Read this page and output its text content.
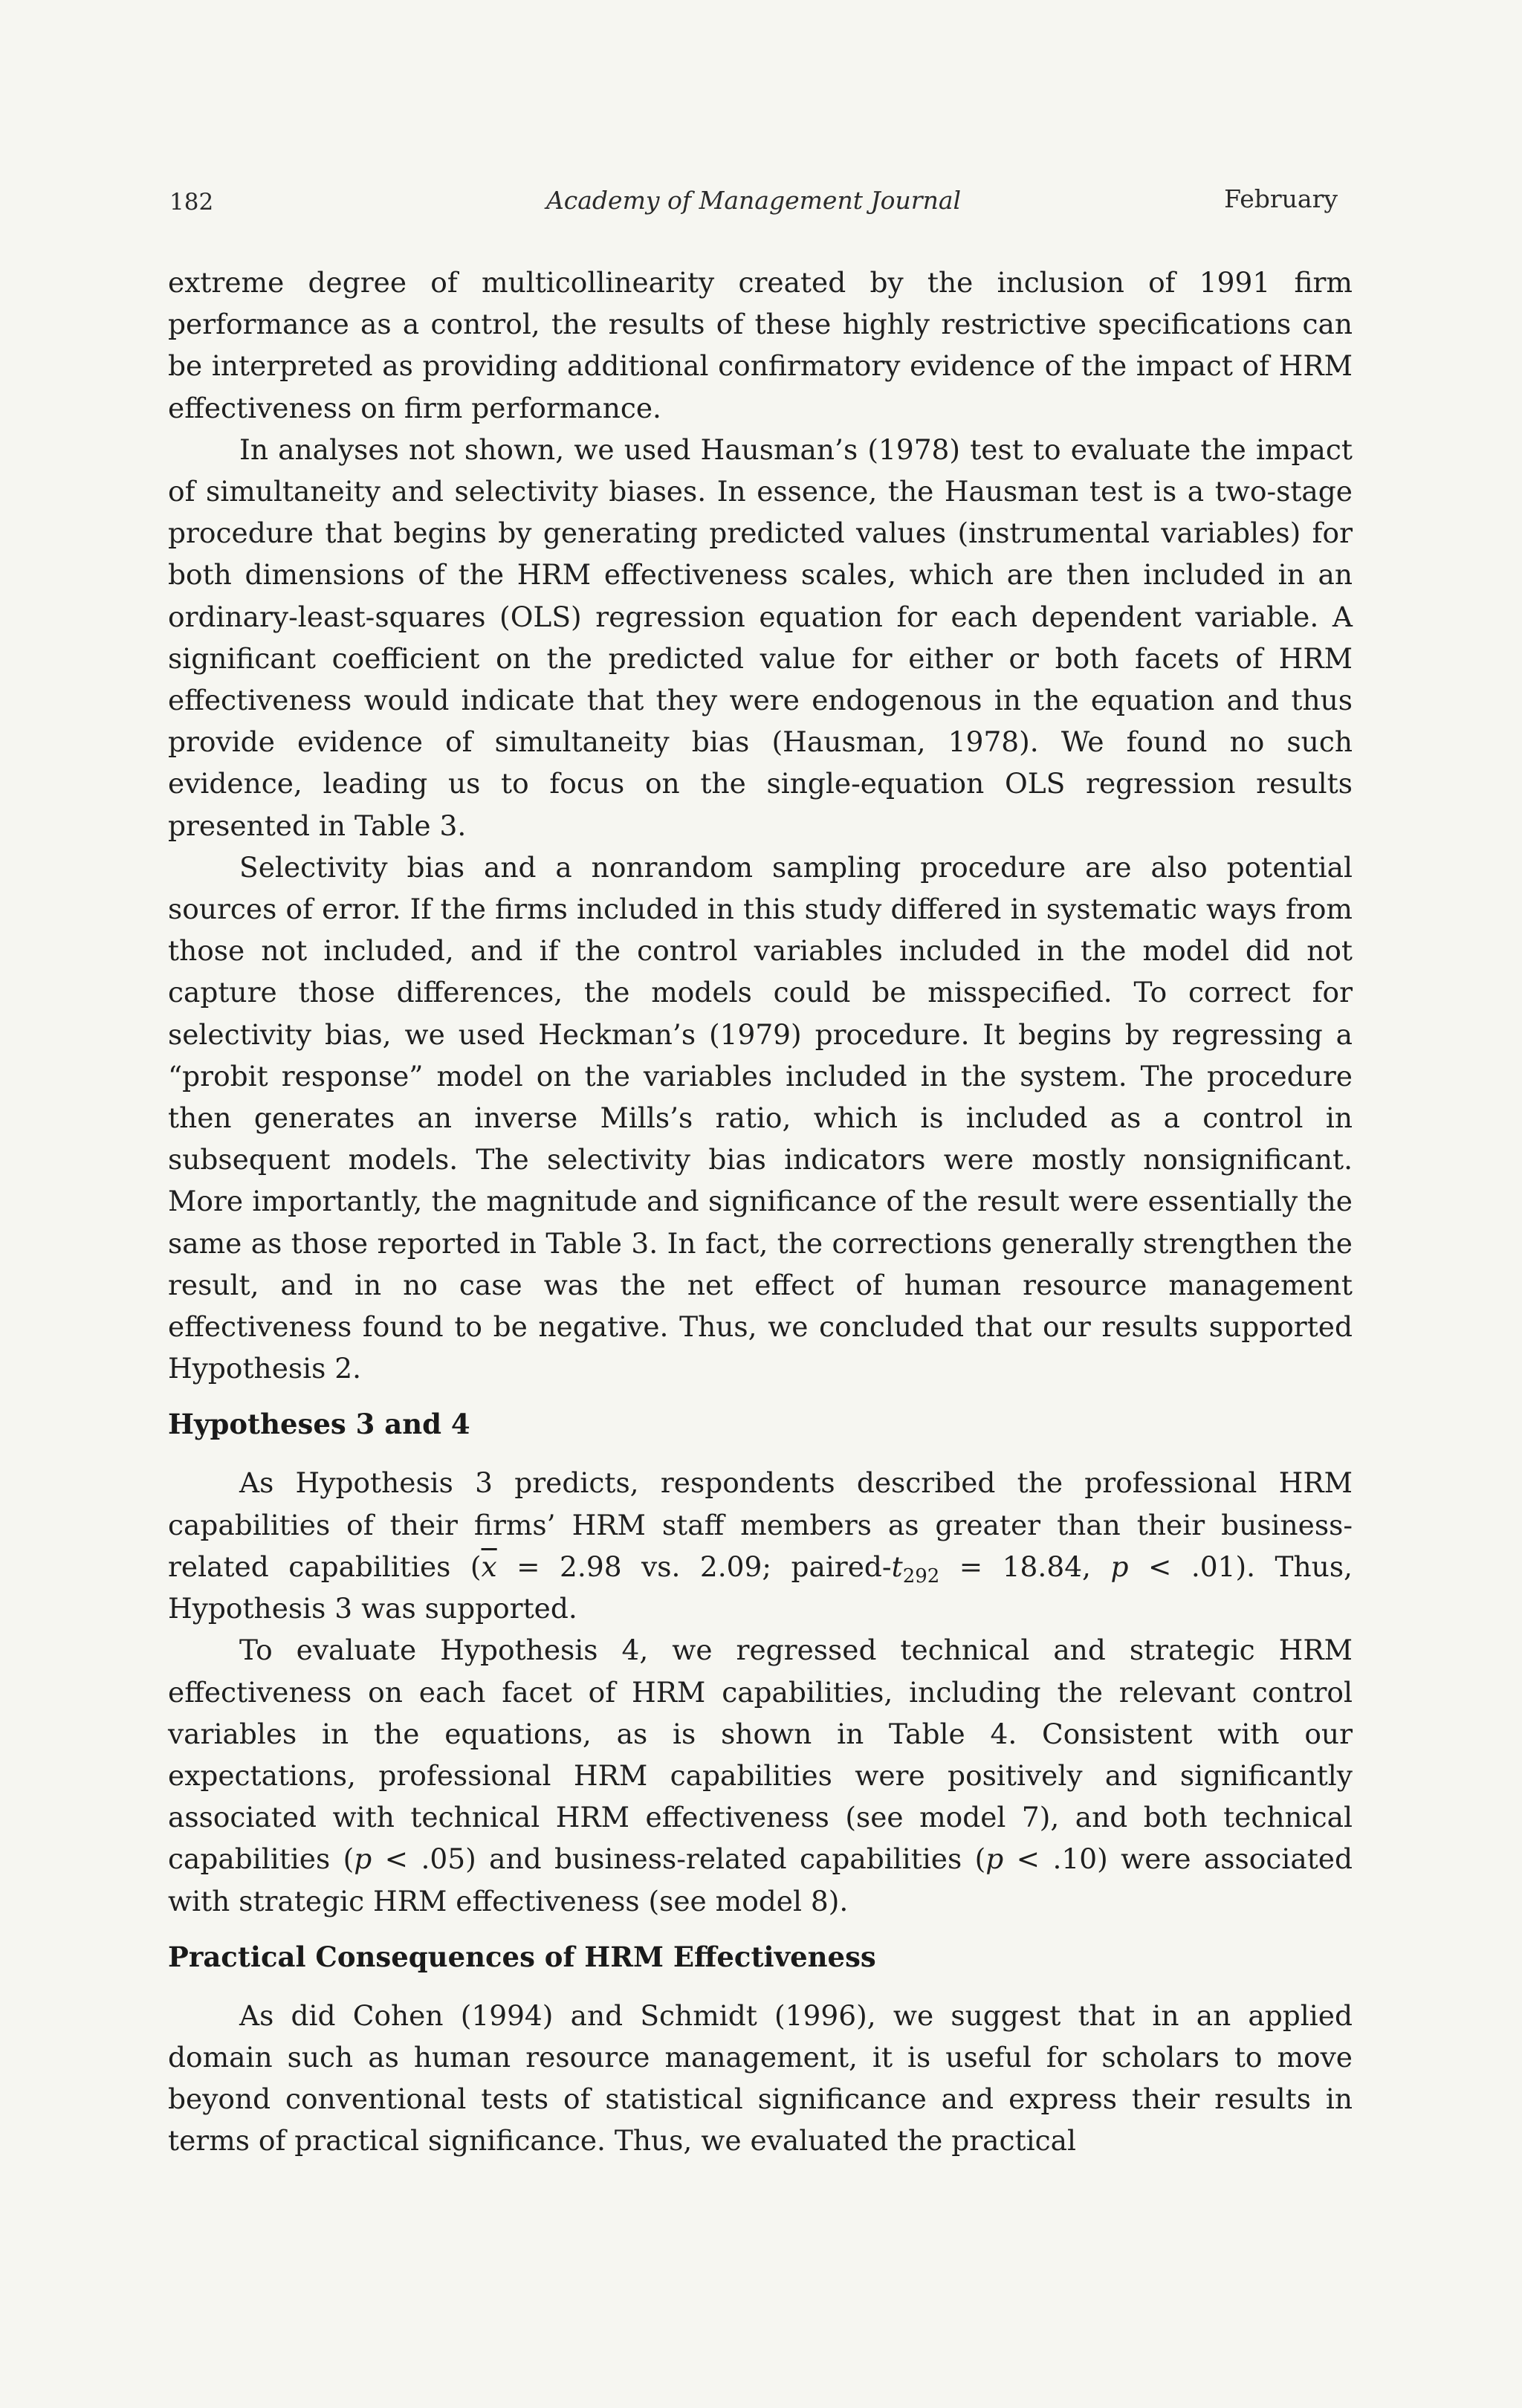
182	Academy of Management Journal	February

extreme degree of multicollinearity created by the inclusion of 1991 firm performance as a control, the results of these highly restrictive specifications can be interpreted as providing additional confirmatory evidence of the impact of HRM effectiveness on firm performance.

In analyses not shown, we used Hausman’s (1978) test to evaluate the impact of simultaneity and selectivity biases. In essence, the Hausman test is a two-stage procedure that begins by generating predicted values (instrumental variables) for both dimensions of the HRM effectiveness scales, which are then included in an ordinary-least-squares (OLS) regression equation for each dependent variable. A significant coefficient on the predicted value for either or both facets of HRM effectiveness would indicate that they were endogenous in the equation and thus provide evidence of simultaneity bias (Hausman, 1978). We found no such evidence, leading us to focus on the single-equation OLS regression results presented in Table 3.

Selectivity bias and a nonrandom sampling procedure are also potential sources of error. If the firms included in this study differed in systematic ways from those not included, and if the control variables included in the model did not capture those differences, the models could be misspecified. To correct for selectivity bias, we used Heckman’s (1979) procedure. It begins by regressing a “probit response” model on the variables included in the system. The procedure then generates an inverse Mills’s ratio, which is included as a control in subsequent models. The selectivity bias indicators were mostly nonsignificant. More importantly, the magnitude and significance of the result were essentially the same as those reported in Table 3. In fact, the corrections generally strengthen the result, and in no case was the net effect of human resource management effectiveness found to be negative. Thus, we concluded that our results supported Hypothesis 2.

Hypotheses 3 and 4

As Hypothesis 3 predicts, respondents described the professional HRM capabilities of their firms’ HRM staff members as greater than their business-related capabilities ($\overline{x} = 2.98$ vs. 2.09; paired-$t_{292} = 18.84$, p < .01). Thus, Hypothesis 3 was supported.

To evaluate Hypothesis 4, we regressed technical and strategic HRM effectiveness on each facet of HRM capabilities, including the relevant control variables in the equations, as is shown in Table 4. Consistent with our expectations, professional HRM capabilities were positively and significantly associated with technical HRM effectiveness (see model 7), and both technical capabilities (p < .05) and business-related capabilities (p < .10) were associated with strategic HRM effectiveness (see model 8).

Practical Consequences of HRM Effectiveness

As did Cohen (1994) and Schmidt (1996), we suggest that in an applied domain such as human resource management, it is useful for scholars to move beyond conventional tests of statistical significance and express their results in terms of practical significance. Thus, we evaluated the practical
